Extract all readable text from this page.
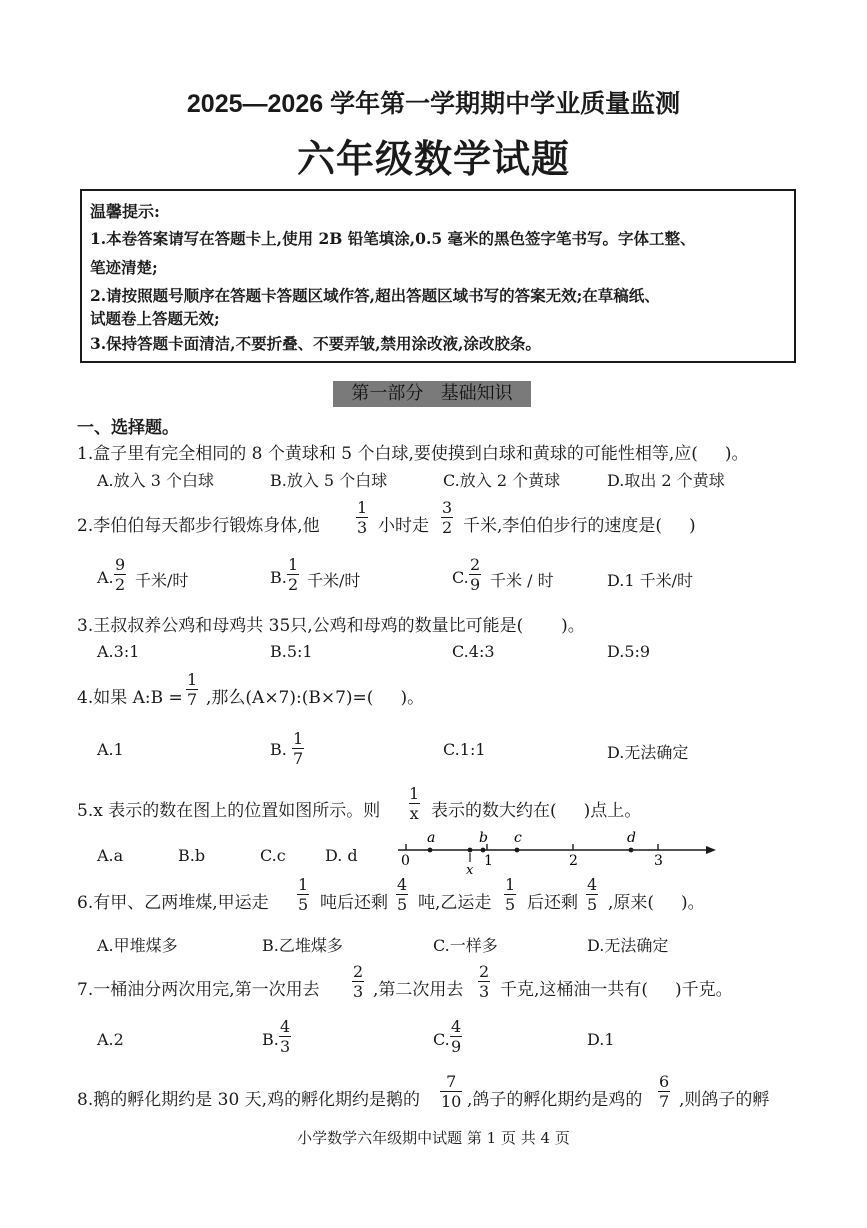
2025—2026 学年第一学期期中学业质量监测
六年级数学试题
温馨提示:
1.本卷答案请写在答题卡上,使用 2B 铅笔填涂,0.5 毫米的黑色签字笔书写。字体工整、
笔迹清楚;
2.请按照题号顺序在答题卡答题区域作答,超出答题区域书写的答案无效;在草稿纸、
试题卷上答题无效;
3.保持答题卡面清洁,不要折叠、不要弄皱,禁用涂改液,涂改胶条。
第一部分   基础知识
一、选择题。
1.盒子里有完全相同的 8 个黄球和 5 个白球,要使摸到白球和黄球的可能性相等,应(     )。
A.放入 3 个白球	B.放入 5 个白球	C.放入 2 个黄球	D.取出 2 个黄球
2.李伯伯每天都步行锻炼身体,他 $\frac{1}{3}$ 小时走 $\frac{3}{2}$ 千米,李伯伯步行的速度是(     )
A. $\frac{9}{2}$ 千米/时	B. $\frac{1}{2}$ 千米/时	C. $\frac{2}{9}$ 千米 / 时	D.1 千米/时
3.王叔叔养公鸡和母鸡共 35只,公鸡和母鸡的数量比可能是(       )。
A.3:1	B.5:1	C.4:3	D.5:9
4.如果 A:B = $\frac{1}{7}$ ,那么(A×7):(B×7)=(     )。
A.1	B. $\frac{1}{7}$	C.1:1	D.无法确定
5.x 表示的数在图上的位置如图所示。则 $\frac{1}{x}$ 表示的数大约在(     )点上。
A.a	B.b	C.c D. d
a	b c	d
0	1	2	3
x
6.有甲、乙两堆煤,甲运走 $\frac{1}{5}$ 吨后还剩 $\frac{4}{5}$ 吨,乙运走 $\frac{1}{5}$ 后还剩 $\frac{4}{5}$ ,原来(     )。
A.甲堆煤多	B.乙堆煤多	C.一样多	D.无法确定
7.一桶油分两次用完,第一次用去 $\frac{2}{3}$ ,第二次用去 $\frac{2}{3}$ 千克,这桶油一共有(     )千克。
A.2	B. $\frac{4}{3}$	C. $\frac{4}{9}$	D.1
8.鹅的孵化期约是 30 天,鸡的孵化期约是鹅的 $\frac{7}{10}$ ,鸽子的孵化期约是鸡的 $\frac{6}{7}$ ,则鸽子的孵
小学数学六年级期中试题 第 1 页 共 4 页
